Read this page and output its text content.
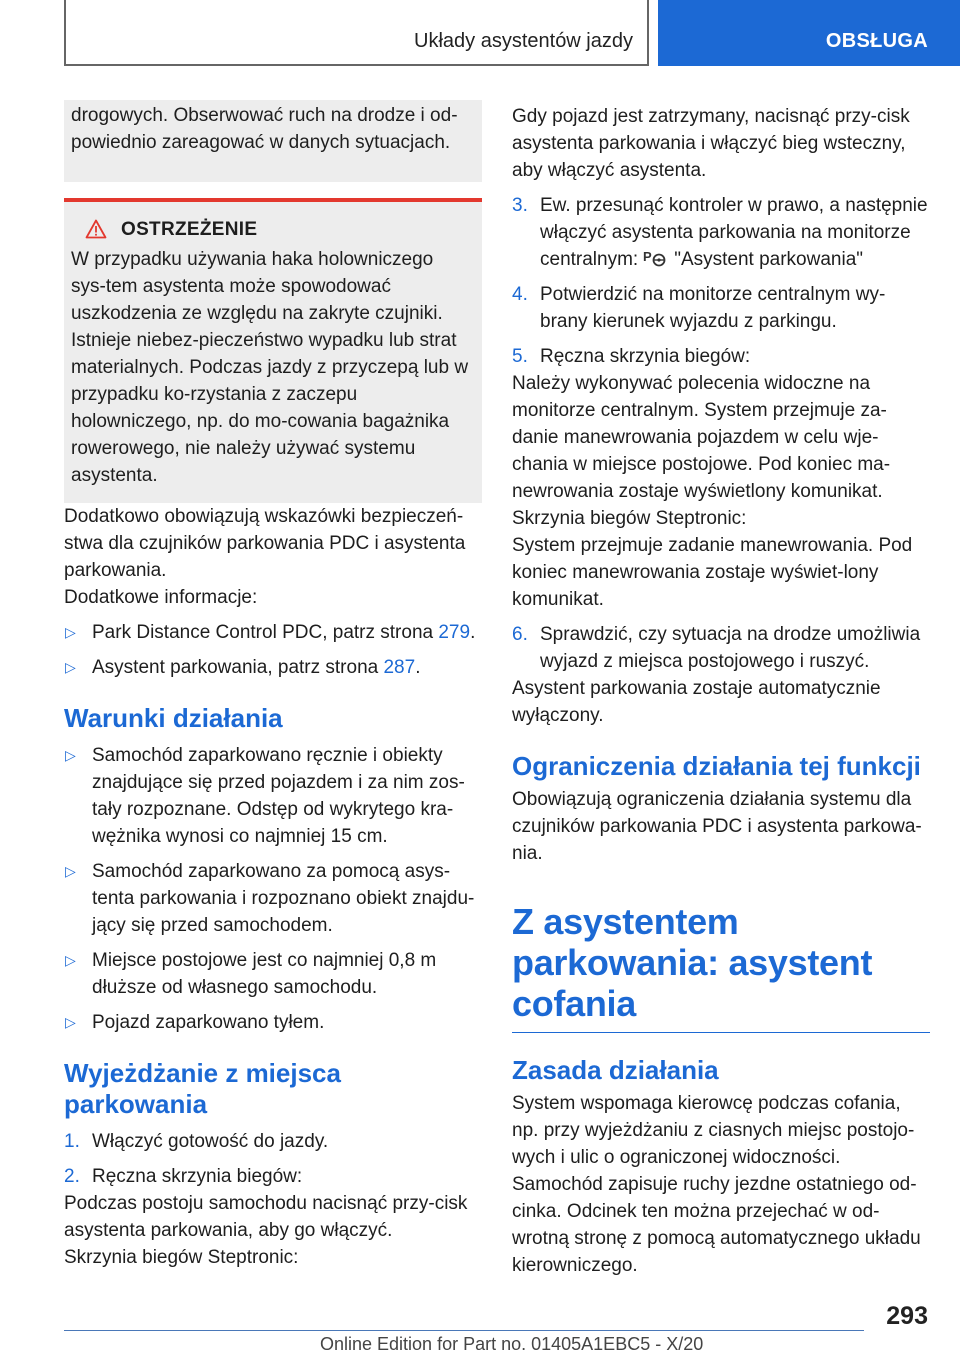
Układy asystentów jazdy	OBSŁUGA

drogowych. Obserwować ruch na drodze i od-powiednio zareagować w danych sytuacjach.

OSTRZEŻENIE

W przypadku używania haka holowniczego sys-tem asystenta może spowodować uszkodzenia ze względu na zakryte czujniki. Istnieje niebez-pieczeństwo wypadku lub strat materialnych. Podczas jazdy z przyczepą lub w przypadku ko-rzystania z zaczepu holowniczego, np. do mo-cowania bagażnika rowerowego, nie należy używać systemu asystenta.

Dodatkowo obowiązują wskazówki bezpieczeń-stwa dla czujników parkowania PDC i asystenta parkowania.

Dodatkowe informacje:

▷ Park Distance Control PDC, patrz strona 279.
▷ Asystent parkowania, patrz strona 287.
Warunki działania
▷ Samochód zaparkowano ręcznie i obiekty znajdujące się przed pojazdem i za nim zos-tały rozpoznane. Odstęp od wykrytego kra-wężnika wynosi co najmniej 15 cm.
▷ Samochód zaparkowano za pomocą asys-tenta parkowania i rozpoznano obiekt znajdu-jący się przed samochodem.
▷ Miejsce postojowe jest co najmniej 0,8 m dłuższe od własnego samochodu.
▷ Pojazd zaparkowano tyłem.
Wyjeżdżanie z miejsca parkowania
1. Włączyć gotowość do jazdy.
2. Ręczna skrzynia biegów:

Podczas postoju samochodu nacisnąć przy-cisk asystenta parkowania, aby go włączyć.

Skrzynia biegów Steptronic:

Gdy pojazd jest zatrzymany, nacisnąć przy-cisk asystenta parkowania i włączyć bieg wsteczny, aby włączyć asystenta.

3. Ew. przesunąć kontroler w prawo, a następnie włączyć asystenta parkowania na monitorze centralnym: P "Asystent parkowania"
4. Potwierdzić na monitorze centralnym wy-brany kierunek wyjazdu z parkingu.
5. Ręczna skrzynia biegów:

Należy wykonywać polecenia widoczne na monitorze centralnym. System przejmuje za-danie manewrowania pojazdem w celu wje-chania w miejsce postojowe. Pod koniec ma-newrowania zostaje wyświetlony komunikat.

Skrzynia biegów Steptronic:

System przejmuje zadanie manewrowania. Pod koniec manewrowania zostaje wyświet-lony komunikat.

6. Sprawdzić, czy sytuacja na drodze umożliwia wyjazd z miejsca postojowego i ruszyć.

Asystent parkowania zostaje automatycznie wyłączony.

Ograniczenia działania tej funkcji

Obowiązują ograniczenia działania systemu dla czujników parkowania PDC i asystenta parkowa-nia.

Z asystentem parkowania: asystent cofania
Zasada działania

System wspomaga kierowcę podczas cofania, np. przy wyjeżdżaniu z ciasnych miejsc postojo-wych i ulic o ograniczonej widoczności.

Samochód zapisuje ruchy jezdne ostatniego od-cinka. Odcinek ten można przejechać w od-wrotną stronę z pomocą automatycznego układu kierowniczego.

293
Online Edition for Part no. 01405A1EBC5 - X/20
